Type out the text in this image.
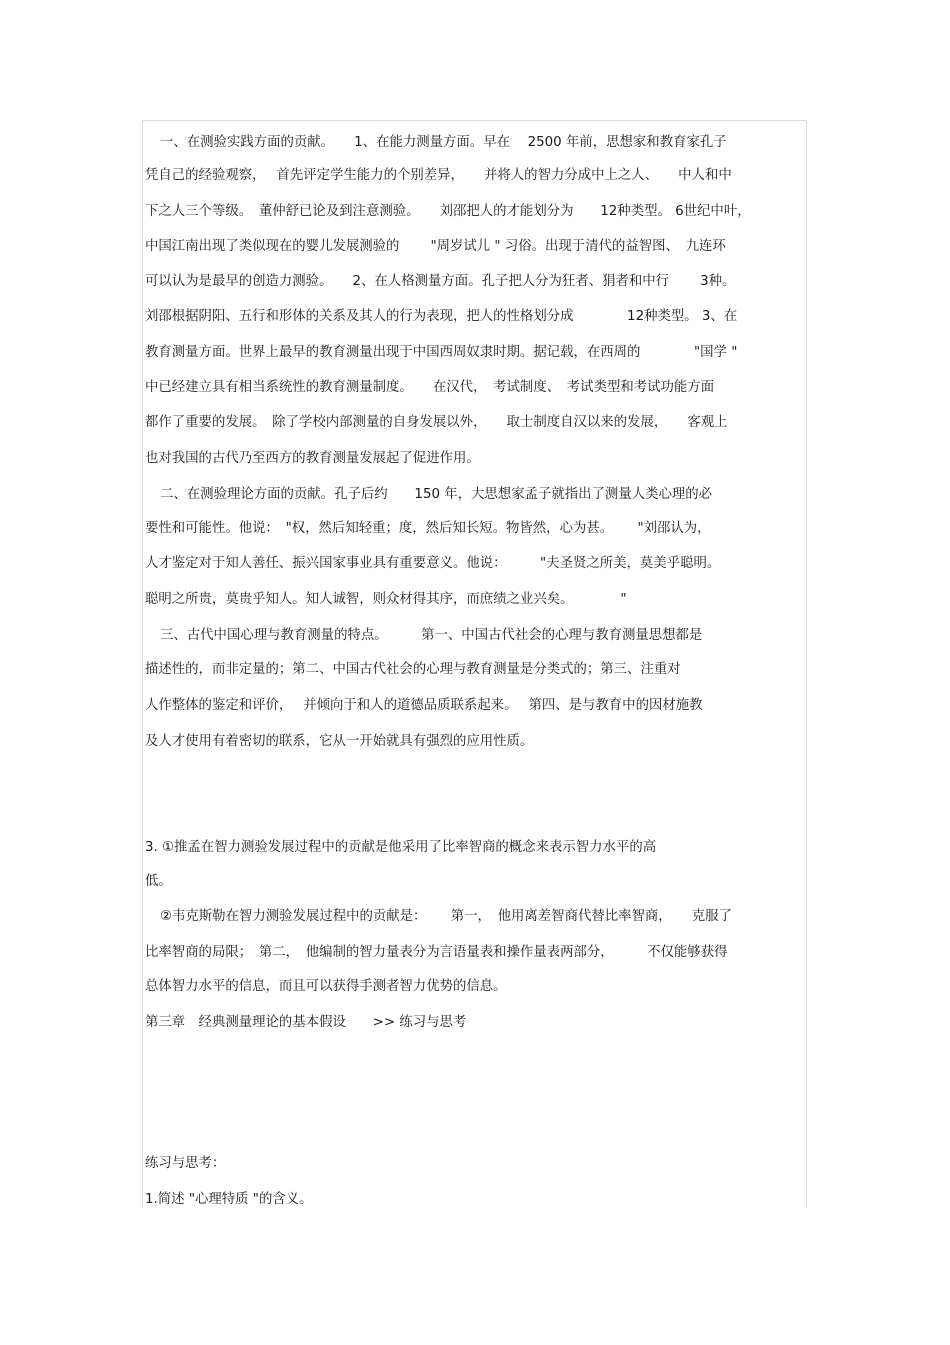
一、在测验实践方面的贡献。　　1、在能力测量方面。早在　 2500 年前，思想家和教育家孔子
凭自己的经验观察，　 首先评定学生能力的个别差异，　　并将人的智力分成中上之人、　　中人和中
下之人三个等级。　董仲舒已论及到注意测验。　　刘邵把人的才能划分为　　12种类型。 6世纪中叶，
中国江南出现了类似现在的婴儿发展测验的　　 "周岁试儿 " 习俗。出现于清代的益智图、　九连环
可以认为是最早的创造力测验。　　2、在人格测量方面。孔子把人分为狂者、狷者和中行　　 3种。
刘邵根据阴阳、五行和形体的关系及其人的行为表现，把人的性格划分成　　　　12种类型。 3、在
教育测量方面。世界上最早的教育测量出现于中国西周奴隶时期。据记载，在西周的　　　　"国学 "
中已经建立具有相当系统性的教育测量制度。　　在汉代，　考试制度、　考试类型和考试功能方面
都作了重要的发展。　除了学校内部测量的自身发展以外，　　取士制度自汉以来的发展，　　客观上
也对我国的古代乃至西方的教育测量发展起了促进作用。
二、在测验理论方面的贡献。孔子后约　　150 年，大思想家孟子就指出了测量人类心理的必
要性和可能性。他说：　"权，然后知轻重；度，然后知长短。物皆然，心为甚。　　 "刘邵认为，
人才鉴定对于知人善任、振兴国家事业具有重要意义。他说：　　　"夫圣贤之所美，莫美乎聪明。
聪明之所贵，莫贵乎知人。知人诚智，则众材得其序，而庶绩之业兴矣。　　　　"
三、古代中国心理与教育测量的特点。　　　第一、中国古代社会的心理与教育测量思想都是
描述性的，而非定量的；第二、中国古代社会的心理与教育测量是分类式的；第三、注重对
人作整体的鉴定和评价，　 并倾向于和人的道德品质联系起来。　 第四、是与教育中的因材施教
及人才使用有着密切的联系，它从一开始就具有强烈的应用性质。
3. ①推孟在智力测验发展过程中的贡献是他采用了比率智商的概念来表示智力水平的高
低。
②韦克斯勒在智力测验发展过程中的贡献是：　　 第一，　他用离差智商代替比率智商，　　克服了
比率智商的局限；　第二，　他编制的智力量表分为言语量表和操作量表两部分，　　　不仅能够获得
总体智力水平的信息，而且可以获得手测者智力优势的信息。
第三章　经典测量理论的基本假设　　>> 练习与思考
练习与思考：
1.简述 "心理特质 "的含义。
